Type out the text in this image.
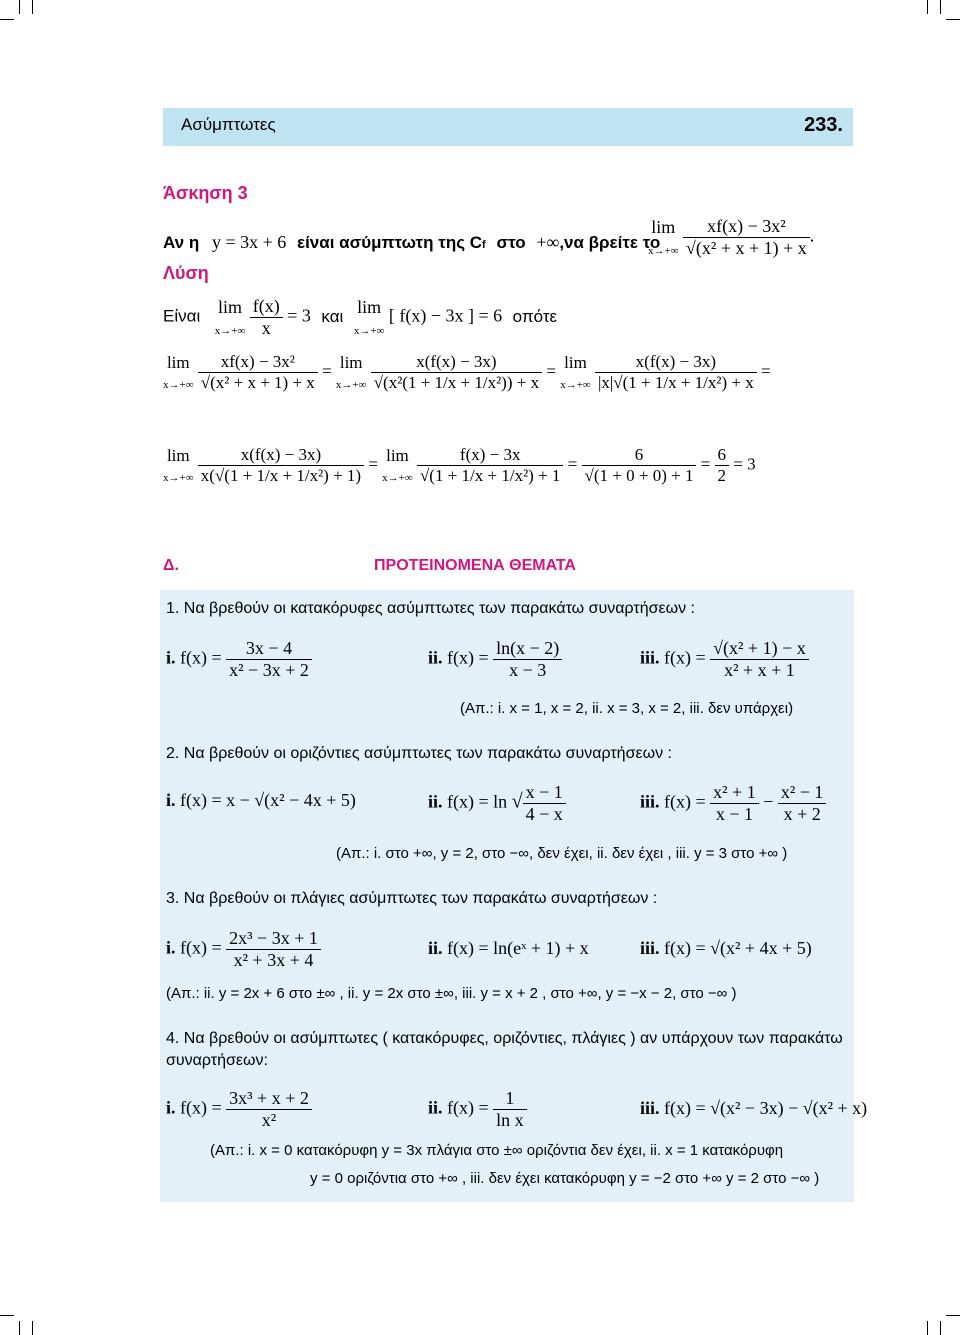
Ασύμπτωτες	233.
Άσκηση 3
Αν η y = 3x + 6 είναι ασύμπτωτη της Cf στο +∞,να βρείτε το
lim
$x\to+\infty \frac{\text{xf(x) − 3x²}}{\text{√(x² + x + 1) + x}}$ .
Λύση
Είναι lim
$x\to+\infty \frac{f(x)}{x} = 3$ και lim
x→+∞ [ f(x) − 3x ] = 6 οπότε
lim
$x\to+\infty \frac{\text{xf(x) − 3x²}}{\text{√(x² + x + 1) + x}} = \lim$
$x\to+\infty \frac{x(f(x) - 3x)}{\text{√(x²(1 + 1/x + 1/x²)) + x}} = \lim$
$x\to+\infty \frac{x(f(x) - 3x)}{\text{|x|√(1 + 1/x + 1/x²) + x}}$ =
lim
$x\to+\infty \frac{x(f(x) - 3x)}{\text{x(√(1 + 1/x + 1/x²) + 1)}} = \lim$
$x\to+\infty \frac{f(x) - 3x}{\text{√(1 + 1/x + 1/x²) + 1}} = \frac{6}{√(1 + 0 + 0) + 1} = \frac{6}{2} = 3$
Δ.	ΠΡΟΤΕΙΝΟΜΕΝΑ ΘΕΜΑΤΑ
1. Να βρεθούν οι κατακόρυφες ασύμπτωτες των παρακάτω συναρτήσεων :
i. $f(x) = \frac{3x - 4}{\text{x² − 3x + 2}}$	ii. $f(x) = \frac{\ln(x - 2)}{x - 3}$	iii. $f(x) = \frac{\text{√(x² + 1) − x}}{\text{x² + x + 1}}$
(Απ.: i. x = 1, x = 2, ii. x = 3, x = 2, iii. δεν υπάρχει)
2. Να βρεθούν οι οριζόντιες ασύμπτωτες των παρακάτω συναρτήσεων :
i. f(x) = x − √(x² − 4x + 5)	ii. f(x) = ln √ $\frac{x - 1}{4 - x}$	iii. $f(x) = \frac{\text{x² + 1}}{x - 1} - \frac{\text{x² − 1}}{x + 2}$
(Απ.: i. στο +∞, y = 2, στο −∞, δεν έχει, ii. δεν έχει , iii. y = 3 στο +∞ )
3. Να βρεθούν οι πλάγιες ασύμπτωτες των παρακάτω συναρτήσεων :
i. $f(x) = \frac{\text{2x³ − 3x + 1}}{\text{x² + 3x + 4}}$	ii. f(x) = ln(eˣ + 1) + x	iii. f(x) = √(x² + 4x + 5)
(Απ.: ii. y = 2x + 6 στο ±∞ , ii. y = 2x στο ±∞, iii. y = x + 2 , στο +∞, y = −x − 2, στο −∞ )
4. Να βρεθούν οι ασύμπτωτες ( κατακόρυφες, οριζόντιες, πλάγιες ) αν υπάρχουν των παρακάτω
συναρτήσεων:
i. $f(x) = \frac{\text{3x³ + x + 2}}{\text{x²}}$	ii. $f(x) = \frac{1}{\text{ln x}}$	iii. f(x) = √(x² − 3x) − √(x² + x)
(Απ.: i. x = 0 κατακόρυφη y = 3x πλάγια στο ±∞ οριζόντια δεν έχει, ii. x = 1 κατακόρυφη
y = 0 οριζόντια στο +∞ , iii. δεν έχει κατακόρυφη y = −2 στο +∞ y = 2 στο −∞ )
